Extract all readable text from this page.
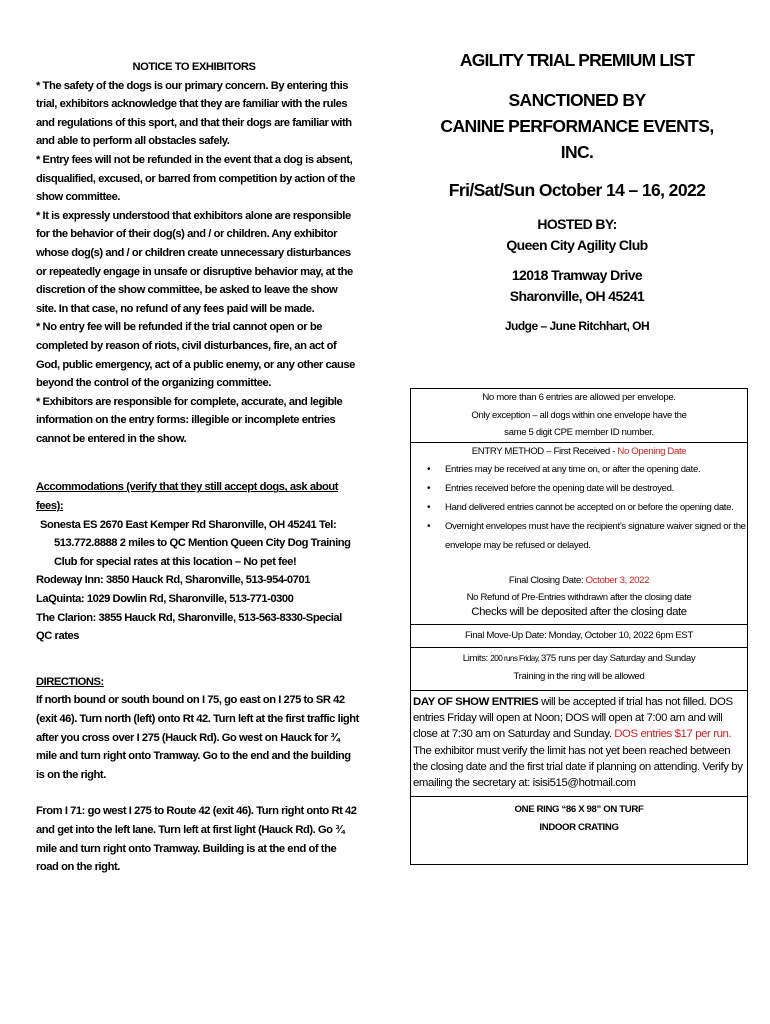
NOTICE TO EXHIBITORS

* The safety of the dogs is our primary concern. By entering this trial, exhibitors acknowledge that they are familiar with the rules and regulations of this sport, and that their dogs are familiar with and able to perform all obstacles safely.

* Entry fees will not be refunded in the event that a dog is absent, disqualified, excused, or barred from competition by action of the show committee.

* It is expressly understood that exhibitors alone are responsible for the behavior of their dog(s) and / or children. Any exhibitor whose dog(s) and / or children create unnecessary disturbances or repeatedly engage in unsafe or disruptive behavior may, at the discretion of the show committee, be asked to leave the show site. In that case, no refund of any fees paid will be made.

* No entry fee will be refunded if the trial cannot open or be completed by reason of riots, civil disturbances, fire, an act of God, public emergency, act of a public enemy, or any other cause beyond the control of the organizing committee.

* Exhibitors are responsible for complete, accurate, and legible information on the entry forms: illegible or incomplete entries cannot be entered in the show.

Accommodations (verify that they still accept dogs, ask about fees):

Sonesta ES 2670 East Kemper Rd Sharonville, OH 45241 Tel:

513.772.8888 2 miles to QC Mention Queen City Dog Training

Club for special rates at this location – No pet fee!

Rodeway Inn: 3850 Hauck Rd, Sharonville, 513-954-0701

LaQuinta: 1029 Dowlin Rd, Sharonville, 513-771-0300

The Clarion: 3855 Hauck Rd, Sharonville, 513-563-8330-Special QC rates

DIRECTIONS:

If north bound or south bound on I 75, go east on I 275 to SR 42 (exit 46). Turn north (left) onto Rt 42. Turn left at the first traffic light after you cross over I 275 (Hauck Rd). Go west on Hauck for ¾ mile and turn right onto Tramway. Go to the end and the building is on the right.

From I 71: go west I 275 to Route 42 (exit 46). Turn right onto Rt 42 and get into the left lane. Turn left at first light (Hauck Rd). Go ¾ mile and turn right onto Tramway. Building is at the end of the road on the right.

AGILITY TRIAL PREMIUM LIST

SANCTIONED BY

CANINE PERFORMANCE EVENTS,

INC.

Fri/Sat/Sun October 14 – 16, 2022

HOSTED BY:

Queen City Agility Club

12018 Tramway Drive

Sharonville, OH 45241

Judge – June Ritchhart, OH

No more than 6 entries are allowed per envelope.
Only exception – all dogs within one envelope have the
same 5 digit CPE member ID number.
ENTRY METHOD – First Received - No Opening Date
• Entries may be received at any time on, or after the opening date.
• Entries received before the opening date will be destroyed.
• Hand delivered entries cannot be accepted on or before the opening date.
• Overnight envelopes must have the recipient’s signature waiver signed or the envelope may be refused or delayed.
Final Closing Date: October 3, 2022
No Refund of Pre-Entries withdrawn after the closing date
Checks will be deposited after the closing date
Final Move-Up Date: Monday, October 10, 2022 6pm EST
Limits: 200 runs Friday, 375 runs per day Saturday and Sunday
Training in the ring will be allowed
DAY OF SHOW ENTRIES will be accepted if trial has not filled. DOS entries Friday will open at Noon; DOS will open at 7:00 am and will close at 7:30 am on Saturday and Sunday. DOS entries $17 per run. The exhibitor must verify the limit has not yet been reached between the closing date and the first trial date if planning on attending. Verify by emailing the secretary at: isisi515@hotmail.com
ONE RING “86 X 98” ON TURF
INDOOR CRATING
